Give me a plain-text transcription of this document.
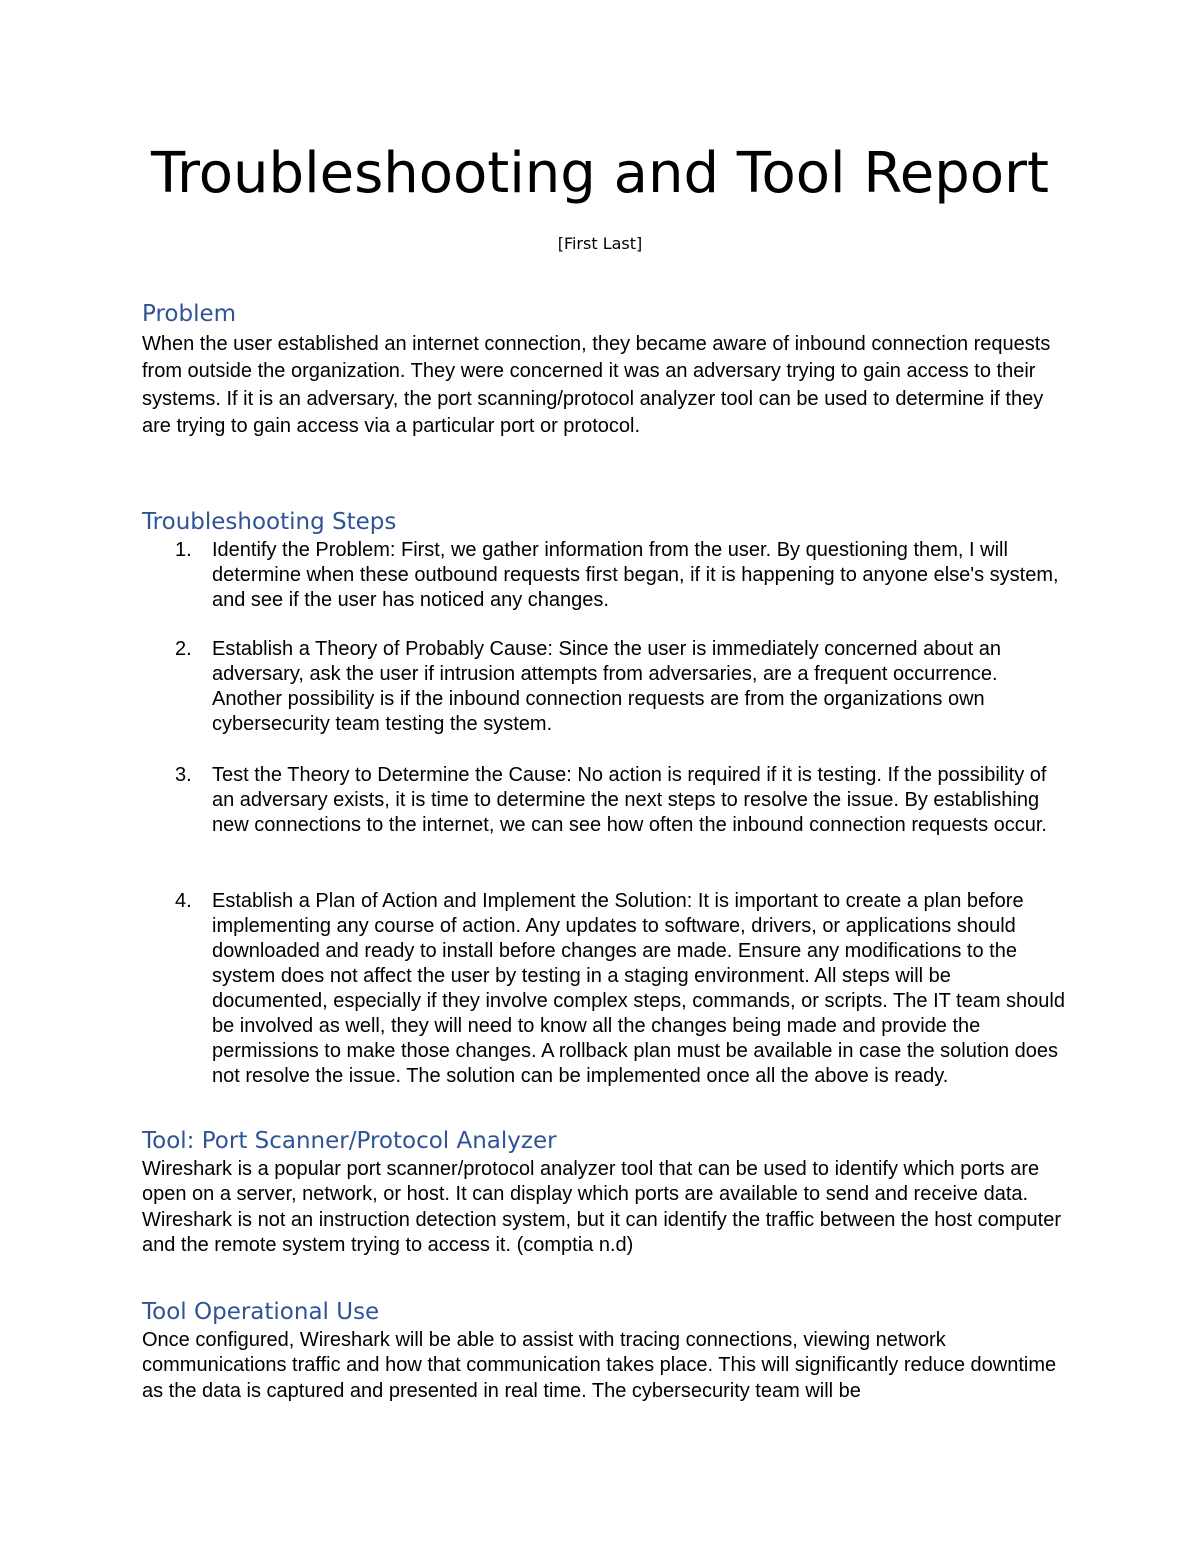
Troubleshooting and Tool Report
[First Last]
Problem

When the user established an internet connection, they became aware of inbound connection requests from outside the organization. They were concerned it was an adversary trying to gain access to their systems. If it is an adversary, the port scanning/protocol analyzer tool can be used to determine if they are trying to gain access via a particular port or protocol.

Troubleshooting Steps
1. Identify the Problem: First, we gather information from the user. By questioning them, I will determine when these outbound requests first began, if it is happening to anyone else's system, and see if the user has noticed any changes.
2. Establish a Theory of Probably Cause: Since the user is immediately concerned about an adversary, ask the user if intrusion attempts from adversaries, are a frequent occurrence. Another possibility is if the inbound connection requests are from the organizations own cybersecurity team testing the system.
3. Test the Theory to Determine the Cause: No action is required if it is testing. If the possibility of an adversary exists, it is time to determine the next steps to resolve the issue. By establishing new connections to the internet, we can see how often the inbound connection requests occur.
4. Establish a Plan of Action and Implement the Solution: It is important to create a plan before implementing any course of action. Any updates to software, drivers, or applications should downloaded and ready to install before changes are made. Ensure any modifications to the system does not affect the user by testing in a staging environment. All steps will be documented, especially if they involve complex steps, commands, or scripts. The IT team should be involved as well, they will need to know all the changes being made and provide the permissions to make those changes. A rollback plan must be available in case the solution does not resolve the issue. The solution can be implemented once all the above is ready.
Tool: Port Scanner/Protocol Analyzer

Wireshark is a popular port scanner/protocol analyzer tool that can be used to identify which ports are open on a server, network, or host. It can display which ports are available to send and receive data. Wireshark is not an instruction detection system, but it can identify the traffic between the host computer and the remote system trying to access it. (comptia n.d)

Tool Operational Use

Once configured, Wireshark will be able to assist with tracing connections, viewing network communications traffic and how that communication takes place. This will significantly reduce downtime as the data is captured and presented in real time. The cybersecurity team will be
